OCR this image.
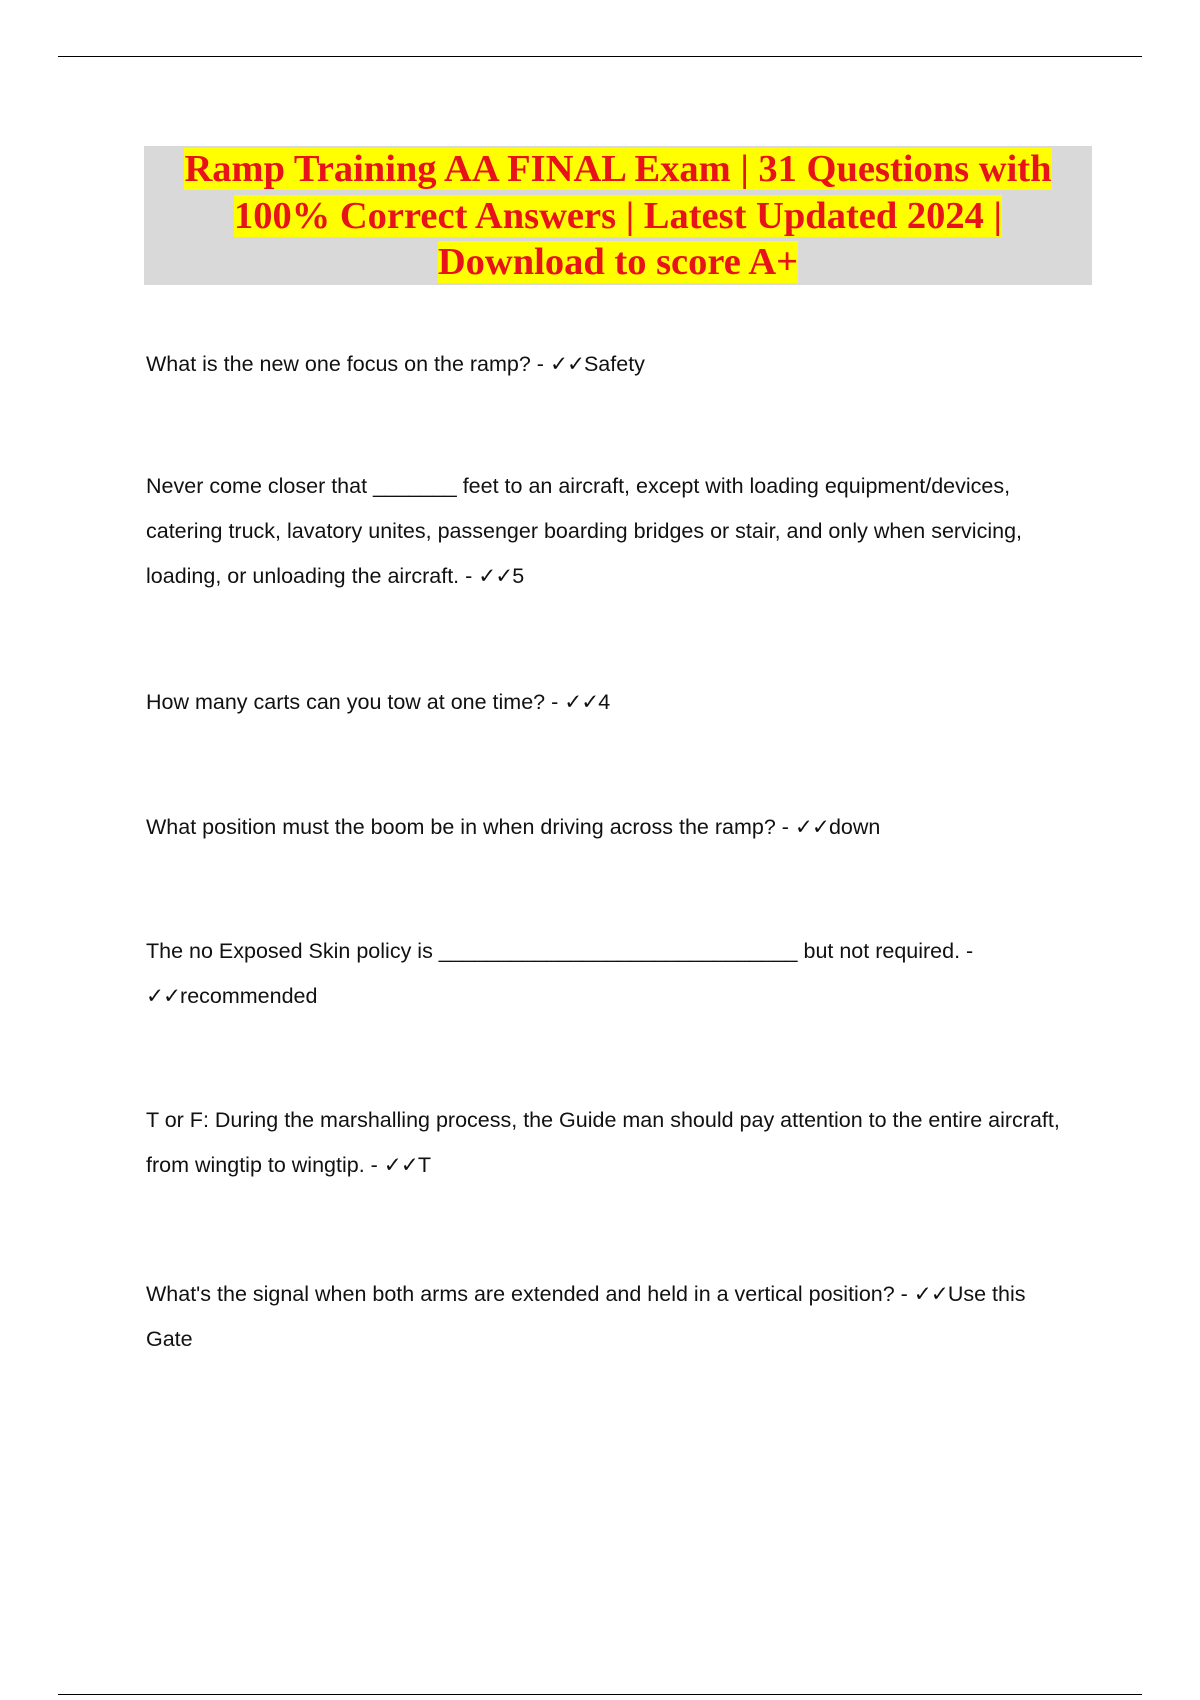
Ramp Training AA FINAL Exam | 31 Questions with
100% Correct Answers | Latest Updated 2024 |
Download to score A+

What is the new one focus on the ramp? - ✓✓Safety

Never come closer that _______ feet to an aircraft, except with loading equipment/devices, catering truck, lavatory unites, passenger boarding bridges or stair, and only when servicing, loading, or unloading the aircraft. - ✓✓5

How many carts can you tow at one time? - ✓✓4

What position must the boom be in when driving across the ramp? - ✓✓down

The no Exposed Skin policy is ______________________________ but not required. - ✓✓recommended

T or F: During the marshalling process, the Guide man should pay attention to the entire aircraft, from wingtip to wingtip. - ✓✓T

What's the signal when both arms are extended and held in a vertical position? - ✓✓Use this Gate
